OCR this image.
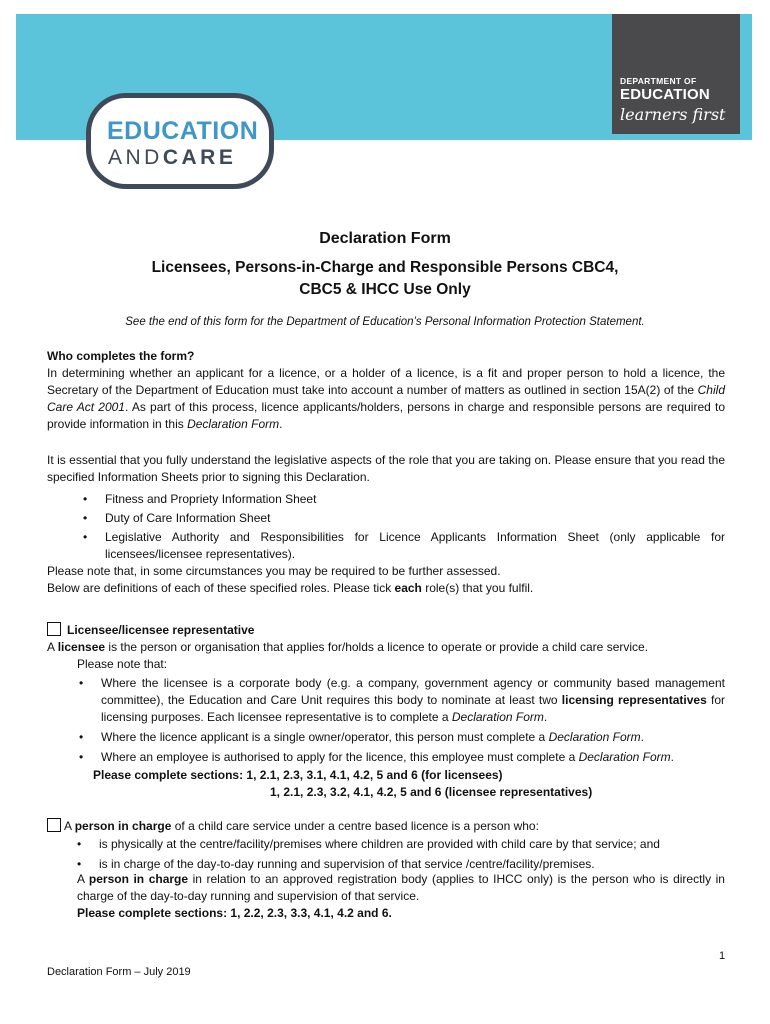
DEPARTMENT OF
EDUCATION
learners first
EDUCATION
ANDCARE
Declaration Form
Licensees, Persons-in-Charge and Responsible Persons CBC4,
CBC5 & IHCC Use Only
See the end of this form for the Department of Education’s Personal Information Protection Statement.

Who completes the form?

In determining whether an applicant for a licence, or a holder of a licence, is a fit and proper person to hold a licence, the Secretary of the Department of Education must take into account a number of matters as outlined in section 15A(2) of the Child Care Act 2001. As part of this process, licence applicants/holders, persons in charge and responsible persons are required to provide information in this Declaration Form.

It is essential that you fully understand the legislative aspects of the role that you are taking on. Please ensure that you read the specified Information Sheets prior to signing this Declaration.

• Fitness and Propriety Information Sheet
• Duty of Care Information Sheet
• Legislative Authority and Responsibilities for Licence Applicants Information Sheet (only applicable for licensees/licensee representatives).

Please note that, in some circumstances you may be required to be further assessed.

Below are definitions of each of these specified roles. Please tick each role(s) that you fulfil.

Licensee/licensee representative

A licensee is the person or organisation that applies for/holds a licence to operate or provide a child care service.

Please note that:

• Where the licensee is a corporate body (e.g. a company, government agency or community based management committee), the Education and Care Unit requires this body to nominate at least two licensing representatives for licensing purposes. Each licensee representative is to complete a Declaration Form.
• Where the licence applicant is a single owner/operator, this person must complete a Declaration Form.
• Where an employee is authorised to apply for the licence, this employee must complete a Declaration Form.
Please complete sections: 1, 2.1, 2.3, 3.1, 4.1, 4.2, 5 and 6 (for licensees)
1, 2.1, 2.3, 3.2, 4.1, 4.2, 5 and 6 (licensee representatives)

A person in charge of a child care service under a centre based licence is a person who:

• is physically at the centre/facility/premises where children are provided with child care by that service; and
• is in charge of the day-to-day running and supervision of that service /centre/facility/premises.

A person in charge in relation to an approved registration body (applies to IHCC only) is the person who is directly in charge of the day-to-day running and supervision of that service.

Please complete sections: 1, 2.2, 2.3, 3.3, 4.1, 4.2 and 6.

1
Declaration Form – July 2019
